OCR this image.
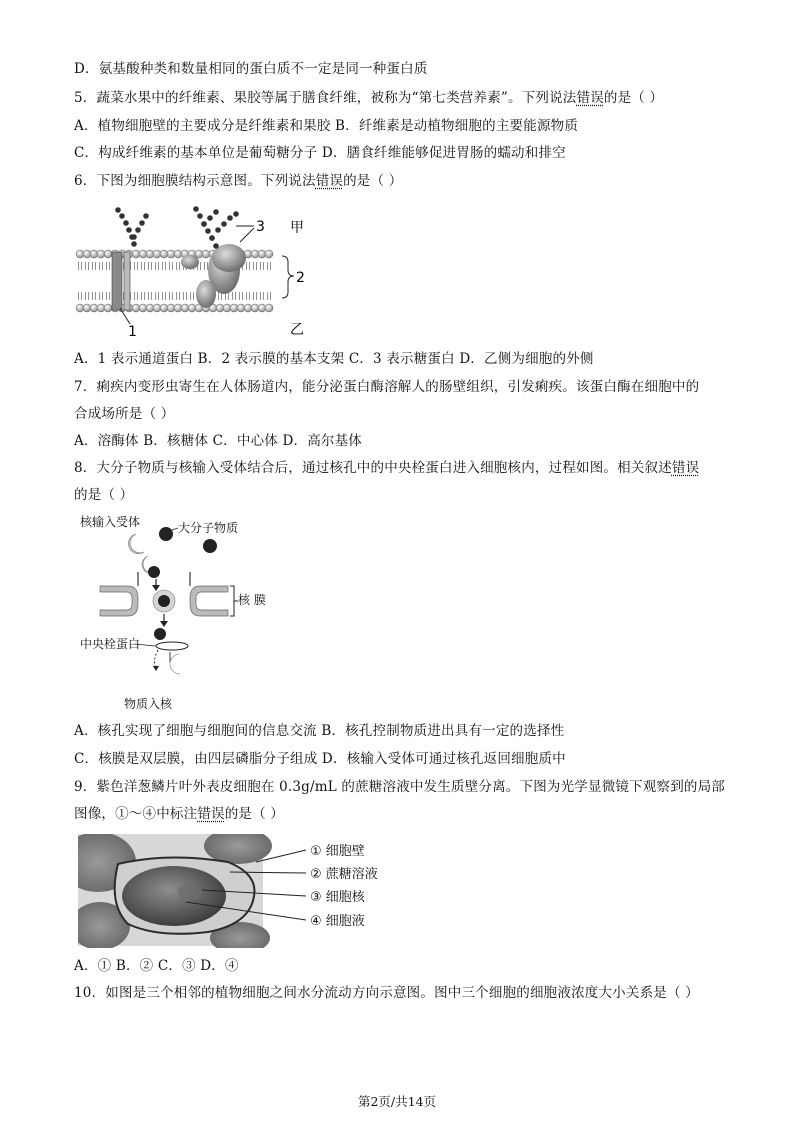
D．氨基酸种类和数量相同的蛋白质不一定是同一种蛋白质
5．蔬菜水果中的纤维素、果胶等属于膳食纤维，被称为“第七类营养素”。下列说法错误的是（ ）
A．植物细胞壁的主要成分是纤维素和果胶 B．纤维素是动植物细胞的主要能源物质
C．构成纤维素的基本单位是葡萄糖分子 D．膳食纤维能够促进胃肠的蠕动和排空
6．下图为细胞膜结构示意图。下列说法错误的是（ ）
3
2
1
甲
乙
A．1 表示通道蛋白 B．2 表示膜的基本支架 C．3 表示糖蛋白 D．乙侧为细胞的外侧
7．痢疾内变形虫寄生在人体肠道内，能分泌蛋白酶溶解人的肠壁组织，引发痢疾。该蛋白酶在细胞中的
合成场所是（ ）
A．溶酶体 B．核糖体 C．中心体 D．高尔基体
8．大分子物质与核输入受体结合后，通过核孔中的中央栓蛋白进入细胞核内，过程如图。相关叙述错误
的是（ ）
核输入受体	大分子物质
核 膜
中央栓蛋白
物质入核
A．核孔实现了细胞与细胞间的信息交流 B．核孔控制物质进出具有一定的选择性
C．核膜是双层膜，由四层磷脂分子组成 D．核输入受体可通过核孔返回细胞质中
9．紫色洋葱鳞片叶外表皮细胞在 0.3g/mL 的蔗糖溶液中发生质壁分离。下图为光学显微镜下观察到的局部
图像，①～④中标注错误的是（ ）
① 细胞壁
② 蔗糖溶液
③ 细胞核
④ 细胞液
A．① B．② C．③ D．④
10．如图是三个相邻的植物细胞之间水分流动方向示意图。图中三个细胞的细胞液浓度大小关系是（ ）
第2页/共14页
